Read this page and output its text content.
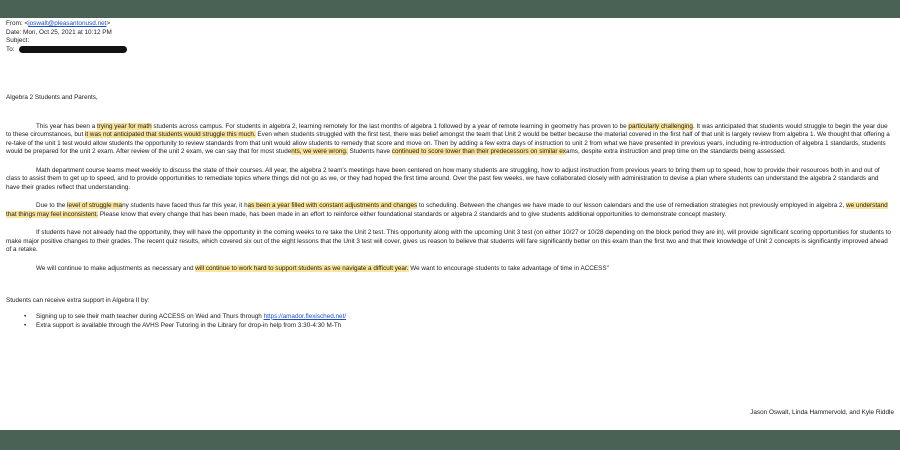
From: <joswalt@pleasantonusd.net>
Date: Mon, Oct 25, 2021 at 10:12 PM
Subject:
To:
Algebra 2 Students and Parents,

This year has been a trying year for math students across campus. For students in algebra 2, learning remotely for the last months of algebra 1 followed by a year of remote learning in geometry has proven to be particularly challenging. It was anticipated that students would struggle to begin the year due to these circumstances, but it was not anticipated that students would struggle this much. Even when students struggled with the first test, there was belief amongst the team that Unit 2 would be better because the material covered in the first half of that unit is largely review from algebra 1. We thought that offering a re-take of the unit 1 test would allow students the opportunity to review standards from that unit would allow students to remedy that score and move on. Then by adding a few extra days of instruction to unit 2 from what we have presented in previous years, including re-introduction of algebra 1 standards, students would be prepared for the unit 2 exam. After review of the unit 2 exam, we can say that for most students, we were wrong. Students have continued to score lower than their predecessors on similar exams, despite extra instruction and prep time on the standards being assessed.

Math department course teams meet weekly to discuss the state of their courses. All year, the algebra 2 team's meetings have been centered on how many students are struggling, how to adjust instruction from previous years to bring them up to speed, how to provide their resources both in and out of class to assist them to get up to speed, and to provide opportunities to remediate topics where things did not go as we, or they had hoped the first time around. Over the past few weeks, we have collaborated closely with administration to devise a plan where students can understand the algebra 2 standards and have their grades reflect that understanding.

Due to the level of struggle many students have faced thus far this year, it has been a year filled with constant adjustments and changes to scheduling. Between the changes we have made to our lesson calendars and the use of remediation strategies not previously employed in algebra 2, we understand that things may feel inconsistent. Please know that every change that has been made, has been made in an effort to reinforce either foundational standards or algebra 2 standards and to give students additional opportunities to demonstrate concept mastery.

If students have not already had the opportunity, they will have the opportunity in the coming weeks to re take the Unit 2 test. This opportunity along with the upcoming Unit 3 test (on either 10/27 or 10/28 depending on the block period they are in), will provide significant scoring opportunities for students to make major positive changes to their grades. The recent quiz results, which covered six out of the eight lessons that the Unit 3 test will cover, gives us reason to believe that students will fare significantly better on this exam than the first two and that their knowledge of Unit 2 concepts is significantly improved ahead of a retake.

We will continue to make adjustments as necessary and will continue to work hard to support students as we navigate a difficult year. We want to encourage students to take advantage of time in ACCESS"

Students can receive extra support in Algebra II by:
• Signing up to see their math teacher during ACCESS on Wed and Thurs through https://amador.flexisched.net/
• Extra support is available through the AVHS Peer Tutoring in the Library for drop-in help from 3:30-4:30 M-Th
Jason Oswalt, Linda Hammervold, and Kyle Riddle
